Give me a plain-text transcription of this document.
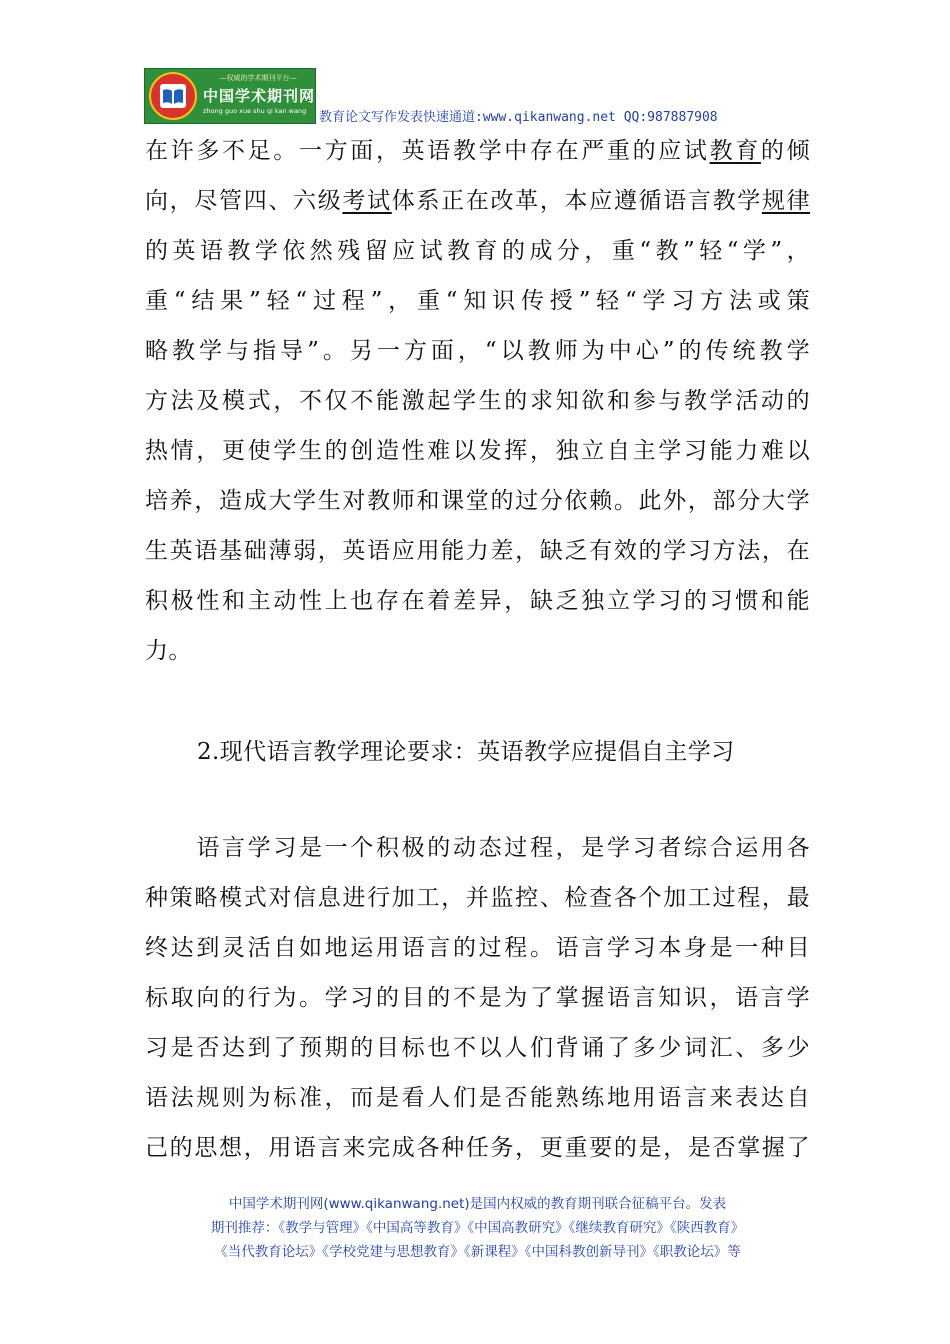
—权威的学术期刊平台—
中国学术期刊网
zhong guo xue shu qi kan wang 教育论文写作发表快速通道:www.qikanwang.net QQ:987887908
在许多不足。一方面，英语教学中存在严重的应试教育的倾
向，尽管四、六级考试体系正在改革，本应遵循语言教学规律
的英语教学依然残留应试教育的成分，重“教”轻“学”，
重“结果”轻“过程”，重“知识传授”轻“学习方法或策
略教学与指导”。另一方面，“以教师为中心”的传统教学
方法及模式，不仅不能激起学生的求知欲和参与教学活动的
热情，更使学生的创造性难以发挥，独立自主学习能力难以
培养，造成大学生对教师和课堂的过分依赖。此外，部分大学
生英语基础薄弱，英语应用能力差，缺乏有效的学习方法，在
积极性和主动性上也存在着差异，缺乏独立学习的习惯和能
力。
2.现代语言教学理论要求：英语教学应提倡自主学习
　　语言学习是一个积极的动态过程，是学习者综合运用各
种策略模式对信息进行加工，并监控、检查各个加工过程，最
终达到灵活自如地运用语言的过程。语言学习本身是一种目
标取向的行为。学习的目的不是为了掌握语言知识，语言学
习是否达到了预期的目标也不以人们背诵了多少词汇、多少
语法规则为标准，而是看人们是否能熟练地用语言来表达自
己的思想，用语言来完成各种任务，更重要的是，是否掌握了
中国学术期刊网(www.qikanwang.net)是国内权威的教育期刊联合征稿平台。发表
期刊推荐：《教学与管理》《中国高等教育》《中国高教研究》《继续教育研究》《陕西教育》
《当代教育论坛》《学校党建与思想教育》《新课程》《中国科教创新导刊》《职教论坛》等
